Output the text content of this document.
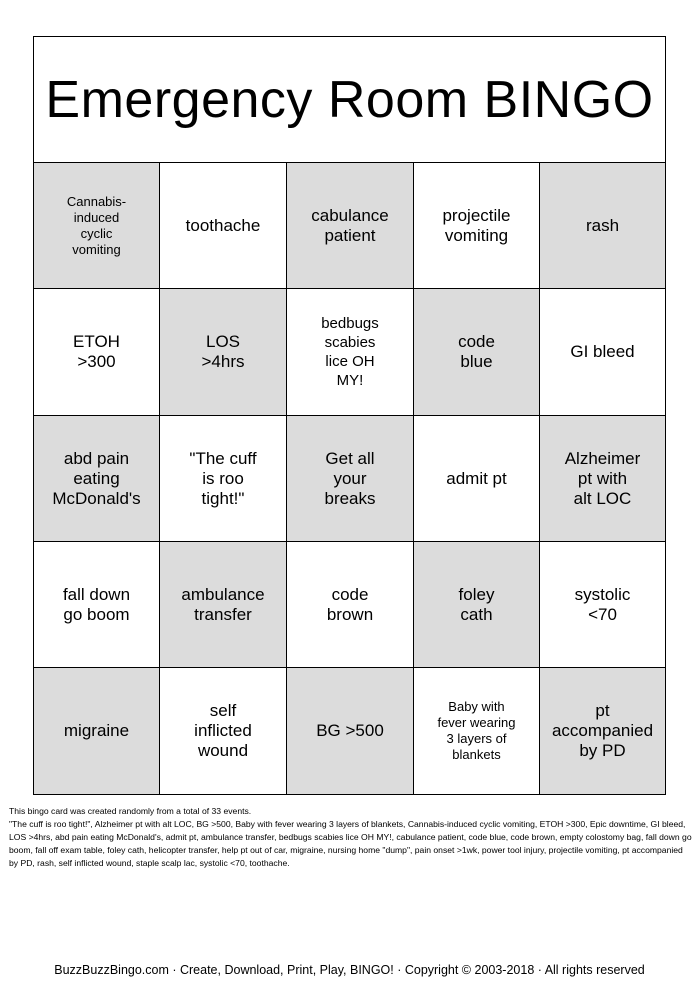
Emergency Room BINGO
Cannabis-induced
cyclic
vomiting
toothache
cabulance
patient
projectile
vomiting
rash
ETOH
>300
LOS
>4hrs
bedbugs
scabies
lice OH
MY!
code
blue
GI bleed
abd pain
eating
McDonald's
"The cuff
is roo
tight!"
Get all
your
breaks
admit pt
Alzheimer
pt with
alt LOC
fall down
go boom
ambulance
transfer
code
brown
foley
cath
systolic
<70
migraine
self
inflicted
wound
BG >500
Baby with
fever wearing
3 layers of
blankets
pt
accompanied
by PD
This bingo card was created randomly from a total of 33 events.
"The cuff is roo tight!", Alzheimer pt with alt LOC, BG >500, Baby with fever wearing 3 layers of blankets, Cannabis-induced cyclic vomiting, ETOH >300, Epic downtime, GI bleed, LOS >4hrs, abd pain eating McDonald's, admit pt, ambulance transfer, bedbugs scabies lice OH MY!, cabulance patient, code blue, code brown, empty colostomy bag, fall down go boom, fall off exam table, foley cath, helicopter transfer, help pt out of car, migraine, nursing home "dump", pain onset >1wk, power tool injury, projectile vomiting, pt accompanied by PD, rash, self inflicted wound, staple scalp lac, systolic <70, toothache.
BuzzBuzzBingo.com · Create, Download, Print, Play, BINGO! · Copyright © 2003-2018 · All rights reserved
